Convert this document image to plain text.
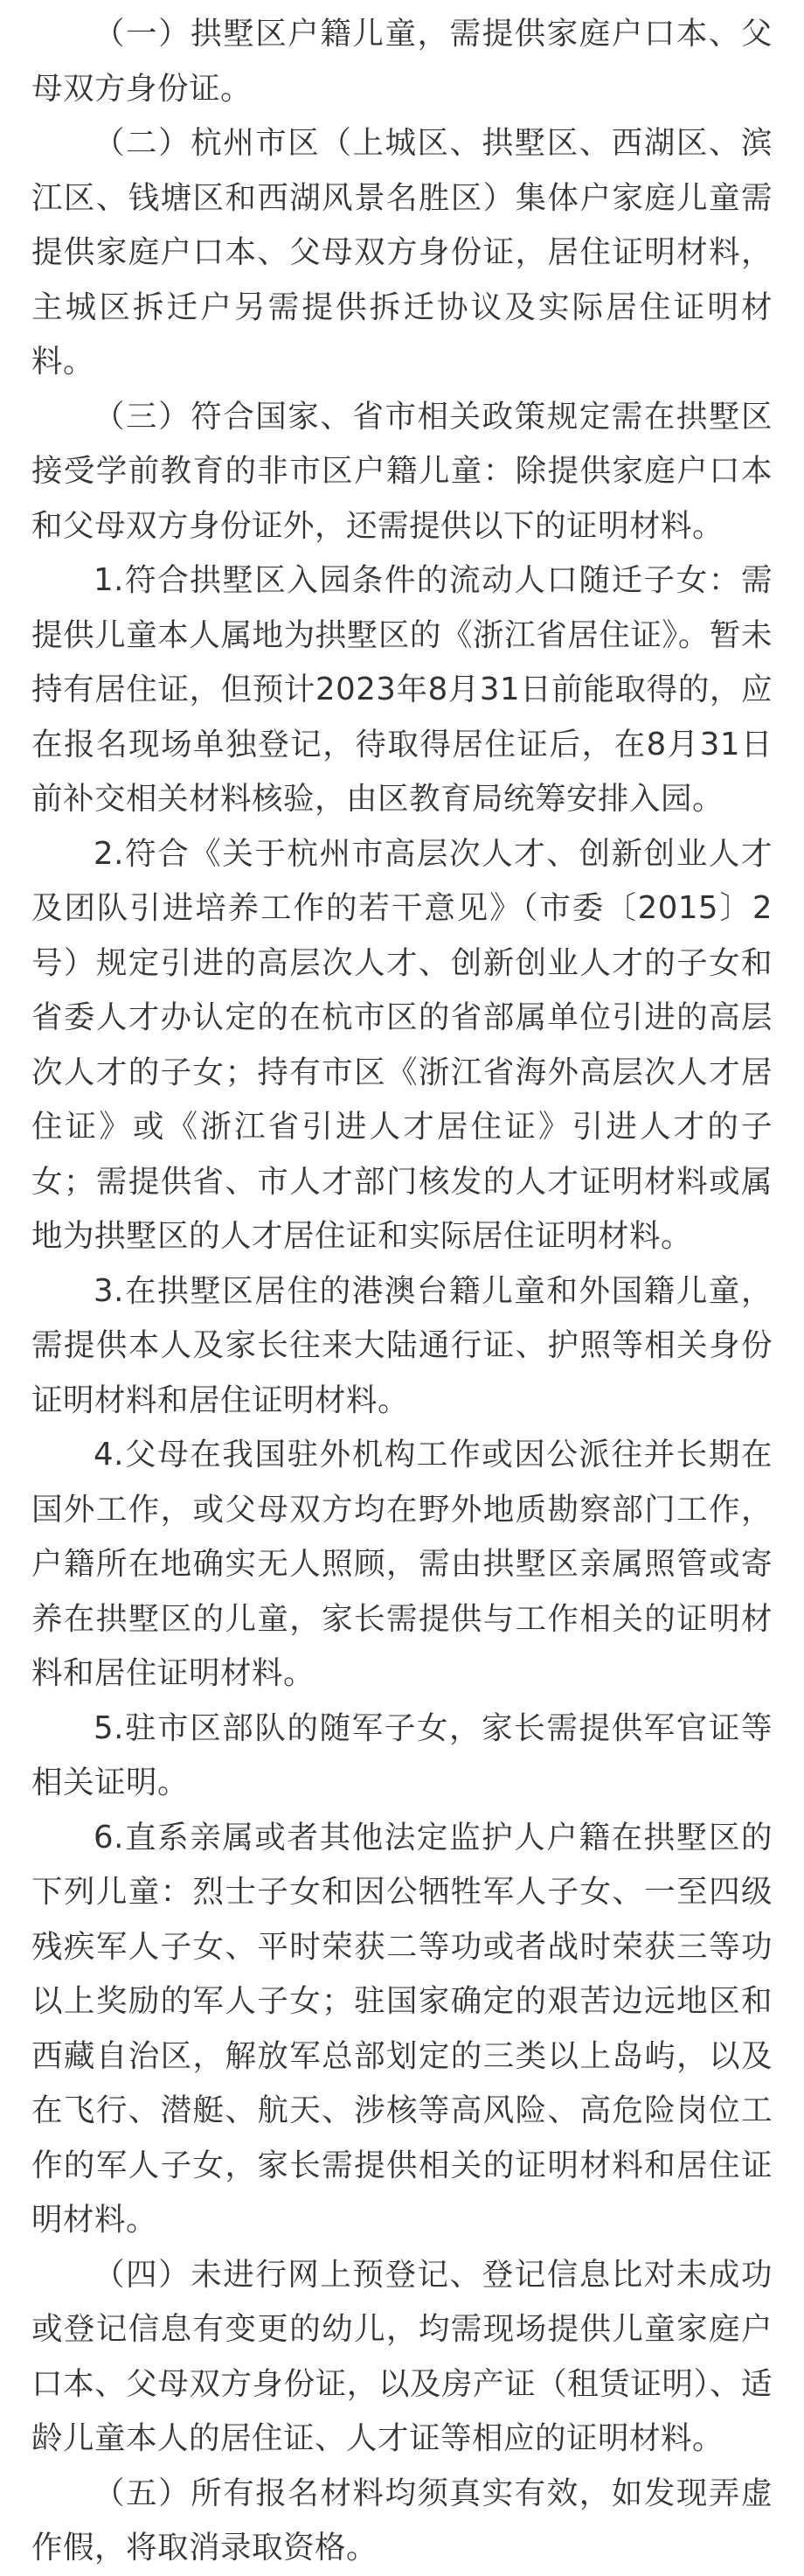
（一）拱墅区户籍儿童，需提供家庭户口本、父母双方身份证。

（二）杭州市区（上城区、拱墅区、西湖区、滨江区、钱塘区和西湖风景名胜区）集体户家庭儿童需提供家庭户口本、父母双方身份证，居住证明材料，主城区拆迁户另需提供拆迁协议及实际居住证明材料。

（三）符合国家、省市相关政策规定需在拱墅区接受学前教育的非市区户籍儿童：除提供家庭户口本和父母双方身份证外，还需提供以下的证明材料。

1.符合拱墅区入园条件的流动人口随迁子女：需提供儿童本人属地为拱墅区的《浙江省居住证》。暂未持有居住证，但预计2023年8月31日前能取得的，应在报名现场单独登记，待取得居住证后，在8月31日前补交相关材料核验，由区教育局统筹安排入园。

2.符合《关于杭州市高层次人才、创新创业人才及团队引进培养工作的若干意见》（市委〔2015〕2号）规定引进的高层次人才、创新创业人才的子女和省委人才办认定的在杭市区的省部属单位引进的高层次人才的子女；持有市区《浙江省海外高层次人才居住证》或《浙江省引进人才居住证》引进人才的子女；需提供省、市人才部门核发的人才证明材料或属地为拱墅区的人才居住证和实际居住证明材料。

3.在拱墅区居住的港澳台籍儿童和外国籍儿童，需提供本人及家长往来大陆通行证、护照等相关身份证明材料和居住证明材料。

4.父母在我国驻外机构工作或因公派往并长期在国外工作，或父母双方均在野外地质勘察部门工作，户籍所在地确实无人照顾，需由拱墅区亲属照管或寄养在拱墅区的儿童，家长需提供与工作相关的证明材料和居住证明材料。

5.驻市区部队的随军子女，家长需提供军官证等相关证明。

6.直系亲属或者其他法定监护人户籍在拱墅区的下列儿童：烈士子女和因公牺牲军人子女、一至四级残疾军人子女、平时荣获二等功或者战时荣获三等功以上奖励的军人子女；驻国家确定的艰苦边远地区和西藏自治区，解放军总部划定的三类以上岛屿，以及在飞行、潜艇、航天、涉核等高风险、高危险岗位工作的军人子女，家长需提供相关的证明材料和居住证明材料。

（四）未进行网上预登记、登记信息比对未成功或登记信息有变更的幼儿，均需现场提供儿童家庭户口本、父母双方身份证，以及房产证（租赁证明）、适龄儿童本人的居住证、人才证等相应的证明材料。

（五）所有报名材料均须真实有效，如发现弄虚作假，将取消录取资格。
